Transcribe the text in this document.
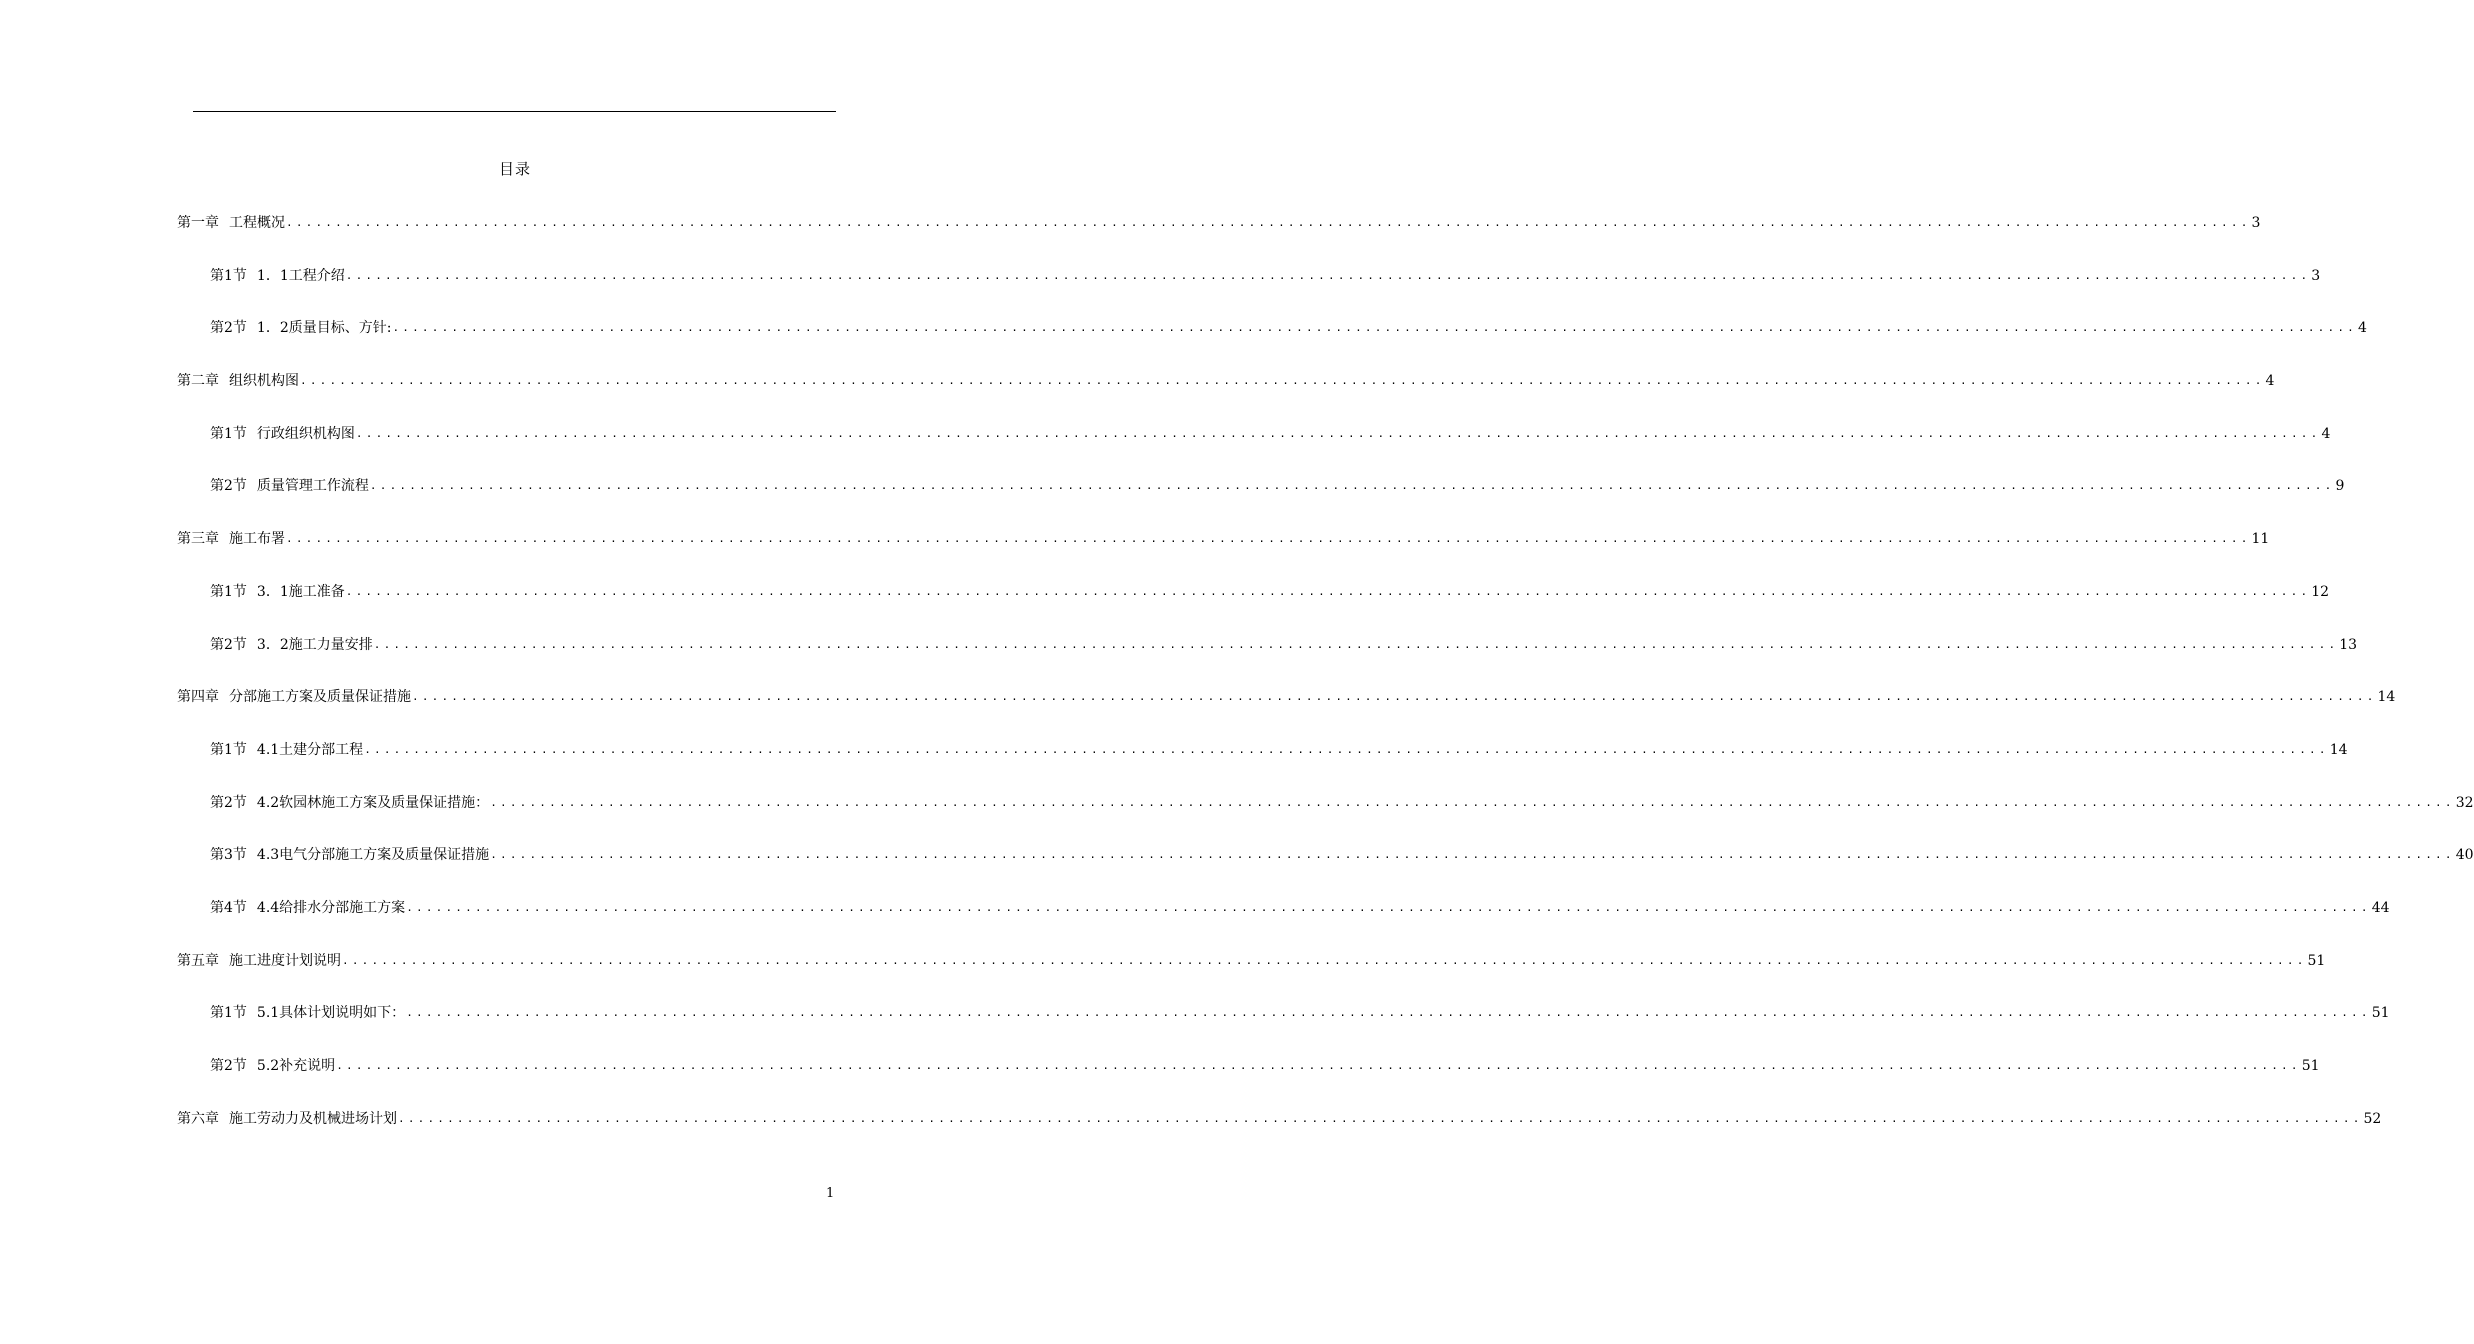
目录
第一章 工程概况 ........................................................................................................................................................................................................ 3
第1节 1．1工程介绍 ........................................................................................................................................................................................................ 3
第2节 1．2质量目标、方针: ........................................................................................................................................................................................................ 4
第二章 组织机构图 ........................................................................................................................................................................................................ 4
第1节 行政组织机构图 ........................................................................................................................................................................................................ 4
第2节 质量管理工作流程 ........................................................................................................................................................................................................ 9
第三章 施工布署 ........................................................................................................................................................................................................ 11
第1节 3．1施工准备 ........................................................................................................................................................................................................ 12
第2节 3．2施工力量安排 ........................................................................................................................................................................................................ 13
第四章 分部施工方案及质量保证措施 ........................................................................................................................................................................................................ 14
第1节 4.1土建分部工程 ........................................................................................................................................................................................................ 14
第2节 4.2软园林施工方案及质量保证措施： ........................................................................................................................................................................................................ 32
第3节 4.3电气分部施工方案及质量保证措施 ........................................................................................................................................................................................................ 40
第4节 4.4给排水分部施工方案 ........................................................................................................................................................................................................ 44
第五章 施工进度计划说明 ........................................................................................................................................................................................................ 51
第1节 5.1具体计划说明如下： ........................................................................................................................................................................................................ 51
第2节 5.2补充说明 ........................................................................................................................................................................................................ 51
第六章 施工劳动力及机械进场计划 ........................................................................................................................................................................................................ 52
1
